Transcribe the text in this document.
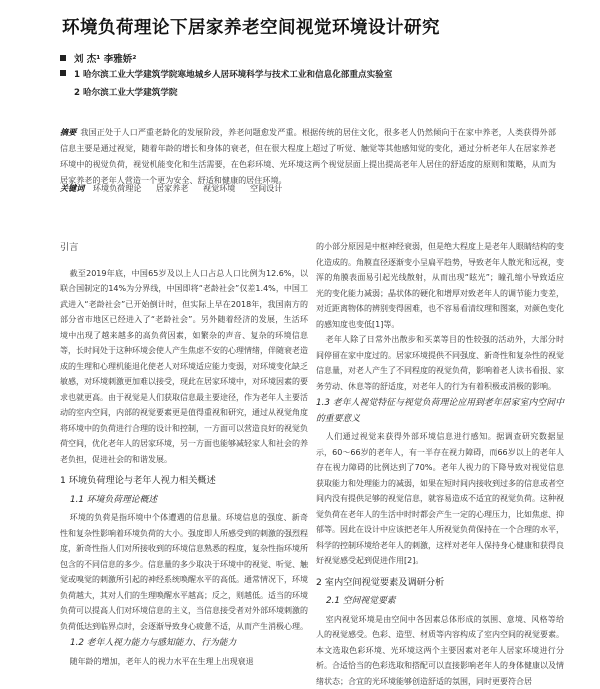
环境负荷理论下居家养老空间视觉环境设计研究
刘 杰¹ 李雅娇²
1 哈尔滨工业大学建筑学院寒地城乡人居环境科学与技术工业和信息化部重点实验室
2 哈尔滨工业大学建筑学院
摘要 我国正处于人口严重老龄化的发展阶段，养老问题愈发严重。根据传统的居住文化，很多老人仍然倾向于在家中养老，人类获得外部信息主要是通过视觉，随着年龄的增长和身体的衰老，但在很大程度上超过了听觉、触觉等其他感知觉的变化，通过分析老年人在居家养老环境中的视觉负荷，视觉机能变化和生活需要，在色彩环境、光环境这两个视觉层面上提出提高老年人居住的舒适度的原则和策略，从而为居家养老的老年人营造一个更为安全、舒适和健康的居住环境。
关键词 环境负荷理论 居家养老 视觉环境 空间设计
引言

截至2019年底，中国65岁及以上人口占总人口比例为12.6%，以联合国制定的14%为分界线，中国即将“老龄社会”仅差1.4%，中国工武进入“老龄社会”已开始倒计时，但实际上早在2018年，我国南方的部分省市地区已经进入了“老龄社会”。另外随着经济的发展，生活环境中出现了越来越多的高负荷因素，如繁杂的声音、复杂的环境信息等，长时间处于这种环境会使人产生焦虑不安的心理情绪，伴随衰老造成的生理和心理机能退化使老人对环境适应能力变弱，对环境变化缺乏敏感，对环境刺激更加难以接受，现此在居家环境中，对环境因素的要求也就更高。由于视觉是人们获取信息最主要途径，作为老年人主要活动的室内空间，内部的视觉要素更是值得重视和研究，通过从视觉角度将环境中的负荷进行合理的设计和控制，一方面可以营造良好的视觉负荷空间，优化老年人的居家环境，另一方面也能够减轻家人和社会的养老负担，促进社会的和谐发展。

1 环境负荷理论与老年人视力相关概述
1.1 环境负荷理论概述

环境的负荷是指环境中个体遭遇的信息量。环境信息的强度、新奇性和复杂性影响着环境负荷的大小。强度即人所感受到的刺激的强烈程度，新奇性指人们对所接收到的环境信息熟悉的程度，复杂性指环境所包含的不同信息的多少。信息量的多少取决于环境中的视觉、听觉、触觉或嗅觉的刺激所引起的神经系统唤醒水平的高低。通常情况下，环境负荷越大，其对人们的生理唤醒水平越高；反之，则越低。适当的环境负荷可以提高人们对环境信息的主义，当信息接受者对外部环境刺激的负荷低达到临界点时，会逐渐导致身心疲惫不适，从而产生消极心理。

1.2 老年人视力能力与感知能力、行为能力

随年龄的增加，老年人的视力水平在生理上出现衰退

的小部分原因是中枢神经衰弱，但是绝大程度上是老年人眼睛结构的变化造成的。角膜直径逐渐变小呈扁平趋势，导致老年人散光和远视，变浑的角膜表面易引起光线散射，从而出现“眩光”；瞳孔缩小导致适应光的变化能力减弱；晶状体的硬化和增厚对致老年人的调节能力变差，对近距离物体的辨别变得困难，也不容易看清纹理和图案，对颜色变化的感知度也变低[1]等。

老年人除了日常外出散步和买菜等目的性较强的活动外，大部分时间停留在家中度过的。居家环境提供不同强度、新奇性和复杂性的视觉信息量，对老人产生了不同程度的视觉负荷，影响着老人读书看报、家务劳动、休息等的舒适度，对老年人的行为有着积极或消极的影响。

1.3 老年人视觉特征与视觉负荷理论应用到老年居家室内空间中的重要意义

人们通过视觉来获得外部环境信息进行感知。据调查研究数据显示，60～66岁的老年人，有一半存在视力障碍，而66岁以上的老年人存在视力障碍的比例达到了70%。老年人视力的下降导致对视觉信息获取能力和处理能力的减弱，如果在短时间内接收到过多的信息或者空间内没有提供足够的视觉信息，就容易造成不适宜的视觉负荷。这种视觉负荷在老年人的生活中时时都会产生一定的心理压力，比如焦虑、抑郁等。因此在设计中应该把老年人所视觉负荷保持在一个合理的水平，科学的控制环境给老年人的刺激，这样对老年人保持身心健康和获得良好视觉感受起到促进作用[2]。

2 室内空间视觉要素及调研分析
2.1 空间视觉要素

室内视觉环境是由空间中各因素总体形成的氛围、意境、风格等给人的视觉感受。色彩、造型、材质等内容构成了室内空间的视觉要素。本文选取色彩环境、光环境这两个主要因素对老年人居家环境进行分析。合适恰当的色彩选取和搭配可以直接影响老年人的身体健康以及情绪状态；合宜的光环境能够创造舒适的氛围，同时更要符合居
